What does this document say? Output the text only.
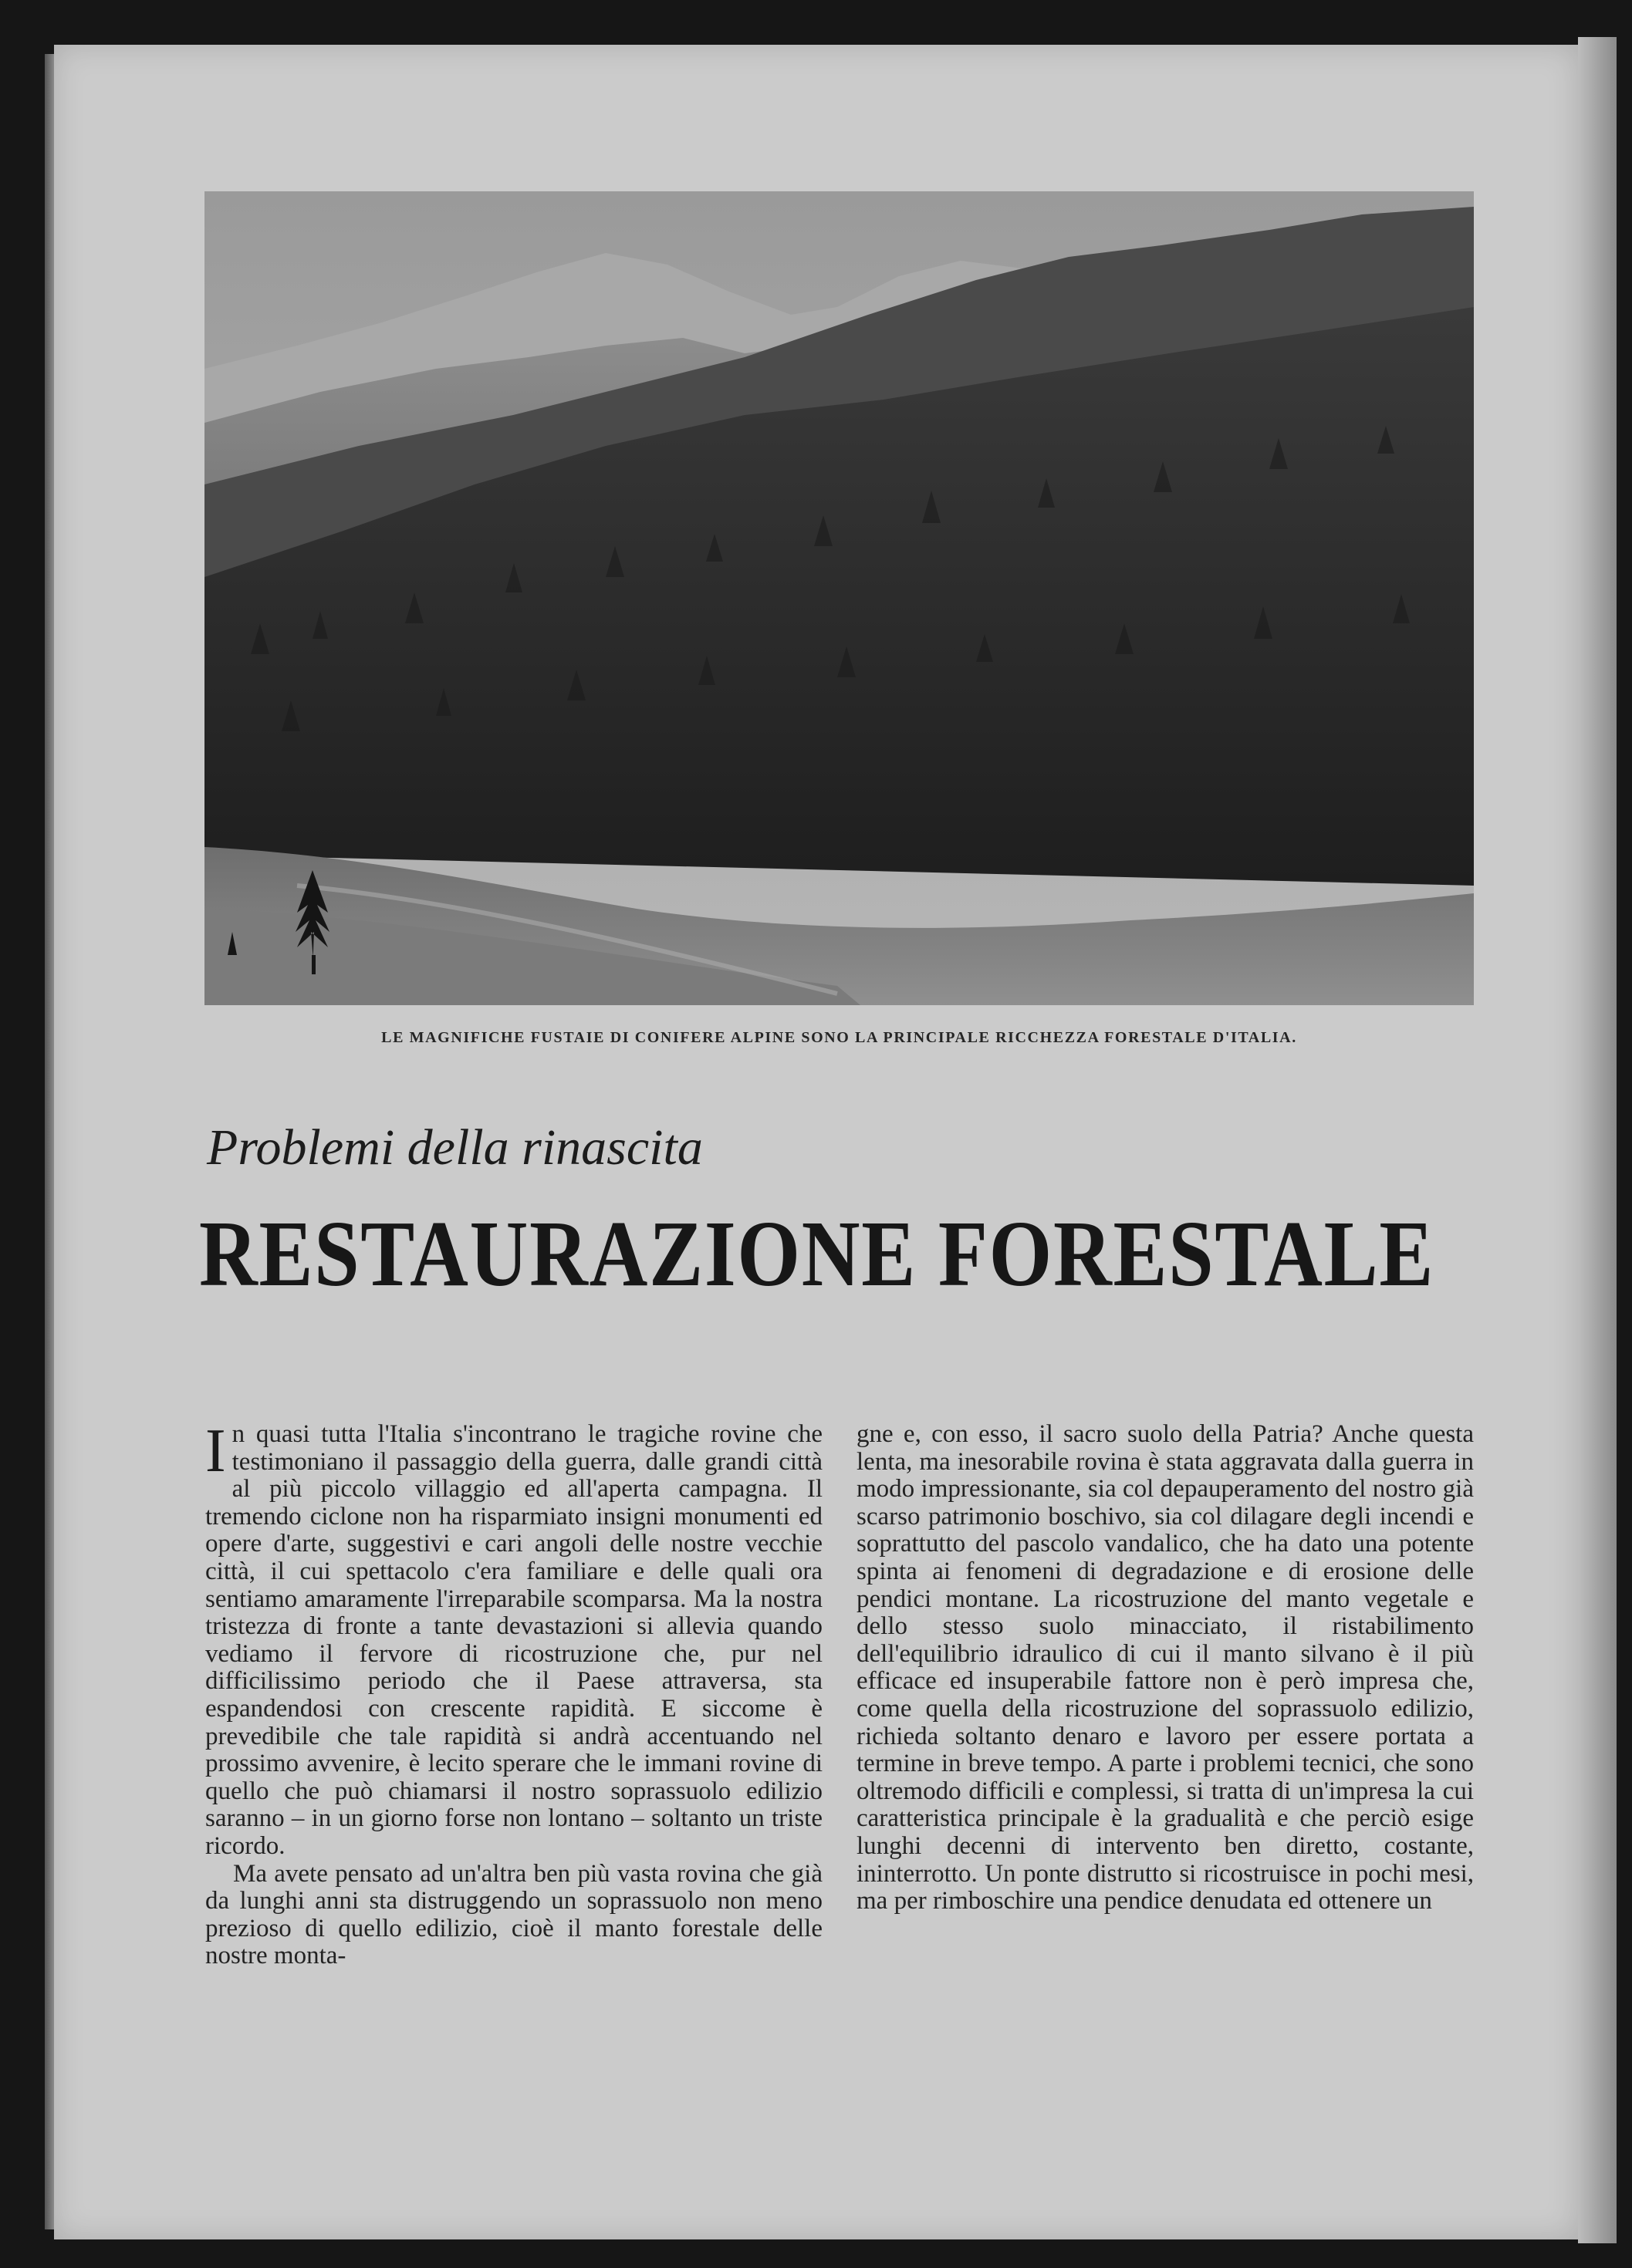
LE MAGNIFICHE FUSTAIE DI CONIFERE ALPINE SONO LA PRINCIPALE RICCHEZZA FORESTALE D'ITALIA.
Problemi della rinascita
RESTAURAZIONE FORESTALE

In quasi tutta l'Italia s'incontrano le tragiche rovine che testimoniano il passaggio della guerra, dalle grandi città al più piccolo villaggio ed all'aperta campagna. Il tremendo ciclone non ha risparmiato insigni monumenti ed opere d'arte, suggestivi e cari angoli delle nostre vecchie città, il cui spettacolo c'era familiare e delle quali ora sentiamo amaramente l'irreparabile scomparsa. Ma la nostra tristezza di fronte a tante devastazioni si allevia quando vediamo il fervore di ricostruzione che, pur nel difficilissimo periodo che il Paese attraversa, sta espandendosi con crescente rapidità. E siccome è prevedibile che tale rapidità si andrà accentuando nel prossimo avvenire, è lecito sperare che le immani rovine di quello che può chiamarsi il nostro soprassuolo edilizio saranno – in un giorno forse non lontano – soltanto un triste ricordo.

Ma avete pensato ad un'altra ben più vasta rovina che già da lunghi anni sta distruggendo un soprassuolo non meno prezioso di quello edilizio, cioè il manto forestale delle nostre monta-

gne e, con esso, il sacro suolo della Patria? Anche questa lenta, ma inesorabile rovina è stata aggravata dalla guerra in modo impressionante, sia col depauperamento del nostro già scarso patrimonio boschivo, sia col dilagare degli incendi e soprattutto del pascolo vandalico, che ha dato una potente spinta ai fenomeni di degradazione e di erosione delle pendici montane. La ricostruzione del manto vegetale e dello stesso suolo minacciato, il ristabilimento dell'equilibrio idraulico di cui il manto silvano è il più efficace ed insuperabile fattore non è però impresa che, come quella della ricostruzione del soprassuolo edilizio, richieda soltanto denaro e lavoro per essere portata a termine in breve tempo. A parte i problemi tecnici, che sono oltremodo difficili e complessi, si tratta di un'impresa la cui caratteristica principale è la gradualità e che perciò esige lunghi decenni di intervento ben diretto, costante, ininterrotto. Un ponte distrutto si ricostruisce in pochi mesi, ma per rimboschire una pendice denudata ed ottenere un
